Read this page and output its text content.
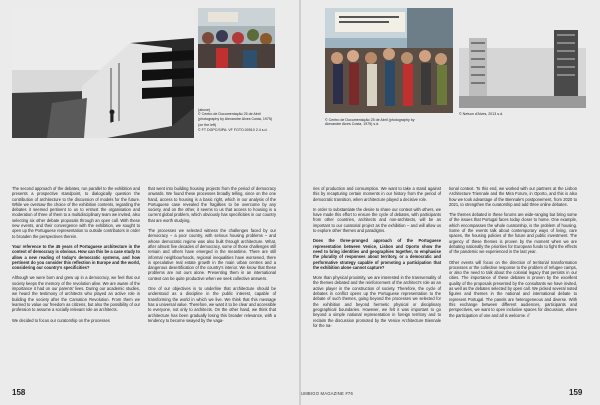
(above)
© Centro de Documentação 25 de Abril (photography by Alexandre Alves Costa, 1975)

(on the left)
© FT DGPC/SIPA: VF FOTO.00910 2.4 s.d.

The second approach of the debates, run parallel to the exhibition and presents a prospective standpoint, to dialogically question the contribution of architecture to the discussion of models for the future. While we oversaw the choice of the exhibition contents, regarding the debates it seemed pertinent to us to entrust the organisation and moderation of three of them to a multidisciplinary team we invited, also selecting six other debate proposals through an open call. With these new events, and their convergence with the exhibition, we sought to open up the Portuguese representation to outside contributors in order to broaden the perspectives therein.

Your reference to the 45 years of Portuguese architecture in the context of democracy is obvious. How can this be a case study to allow a new reading of today's democratic systems, and how pertinent do you consider this reflection in Europe and the world, considering our country's specificities?

Although we were born and grew up in a democracy, we feel that our society keeps the memory of the revolution alive. We are aware of the importance it had on our parents' lives. During our academic studies, we heard the testimony of architects who played an active role in building the society after the Carnation Revolution. From them we learned to value our freedom as citizens, but also the possibility of our profession to assume a socially relevant role as architects.

We decided to focus our curatorship on the processes

that went into building housing projects from the period of democracy onwards. We found these processes broadly telling, since on the one hand, access to housing is a basic right, which in our analysis of the Portuguese case revealed the fragilities to be overcome by any society, and on the other, it seems to us that access to housing is a current global problem, which obviously has specificities in our country that are worth studying.

The processes we selected witness the challenges faced by our democracy – a poor country, with serious housing problems – and whose democratic regime was also built through architecture. What, after almost five decades of democracy, some of those challenges still remain and others have emerged in the meantime. There are still informal neighbourhoods, regional inequalities have worsened, there is speculative real estate growth in the main urban centres and a dangerous desertification of the country's interior. We know that these problems are not ours alone. Presenting them in an international context can be quite productive when we seek collective answers.

One of our objectives is to underline that architecture should be understood as a discipline in the public interest, capable of transforming the world in which we live. We think that this message has a universal value. Therefore, we want it to be clear and accessible to everyone, not only to architects. On the other hand, we think that architecture has been gradually losing this broader relevance, with a tendency to become swayed by the vaga-

158

© Centro de Documentação 25 de Abril (photography by Alexandre Alves Costa, 1975) s.d.

© Nelson d'Alves, 2013 s.d.

ries of production and consumption. We want to take a stand against this by recapturing certain moments in our history from the period of democratic transition, when architecture played a decisive role.

In order to substantiate the desire to share our context with others, we have made this effort to ensure the cycle of debates, with participants from other countries, architects and non-architects, will be as important to our curatorial project as the exhibition – and will allow us to explore other themes and paradigms.

Does the three-pronged approach of the Portuguese representation between Venice, Lisbon and Oporto show the need to bring identities and geographies together, to emphasise the plurality of responses about territory, or a democratic and performative strategy capable of promoting a participation that the exhibition alone cannot capture?

More than physical proximity, we are interested in the transversality of the themes debated and the reinforcement of the architect's role as an active player in the construction of society. Therefore, the cycle of debates in conflict opens up the Portuguese representation to the debate of such themes, going beyond the processes we selected for the exhibition and beyond hermetic physical or disciplinary geographical boundaries. However, we felt it was important to go beyond a simple national representation in foreign territory and to reclaim the discussion promoted by the Venice Architecture Biennale for the na-

tional context. To this end, we worked with our partners at the Lisbon Architecture Triennale and the Mira Forum, in Oporto, and this is also how we took advantage of the Biennale's postponement, from 2020 to 2021, to strengthen the curatorship and add three online debates.

The themes debated in these forums are wide-ranging but bring some of the issues that Portugal faces today closer to home. One example, which encompasses the whole curatorship, is the problem of housing. Some of the events talk about contemporary ways of living, care spaces, the housing policies of the future and public investment. The urgency of these themes is proven by the moment when we are debating nationally the priorities for European funds to fight the effects of the pandemic we experienced in the last year.

Other events will focus on the direction of territorial transformation processes or the collective response to the problem of refugee camps, or also the need to talk about the colonial legacy that persists in our cities. The importance of these debates is proven by the excellent quality of the proposals presented by the consultants we have invited, as well as the debates selected by open call. We picked several noted figures and themes in the national and international debate to represent Portugal. The panels are heterogeneous and diverse. With this exchange between different audiences, participants and perspectives, we want to open inclusive spaces for discussion, where the participation of one and all is welcome. //

UMBIGO MAGAZINE #76	159
